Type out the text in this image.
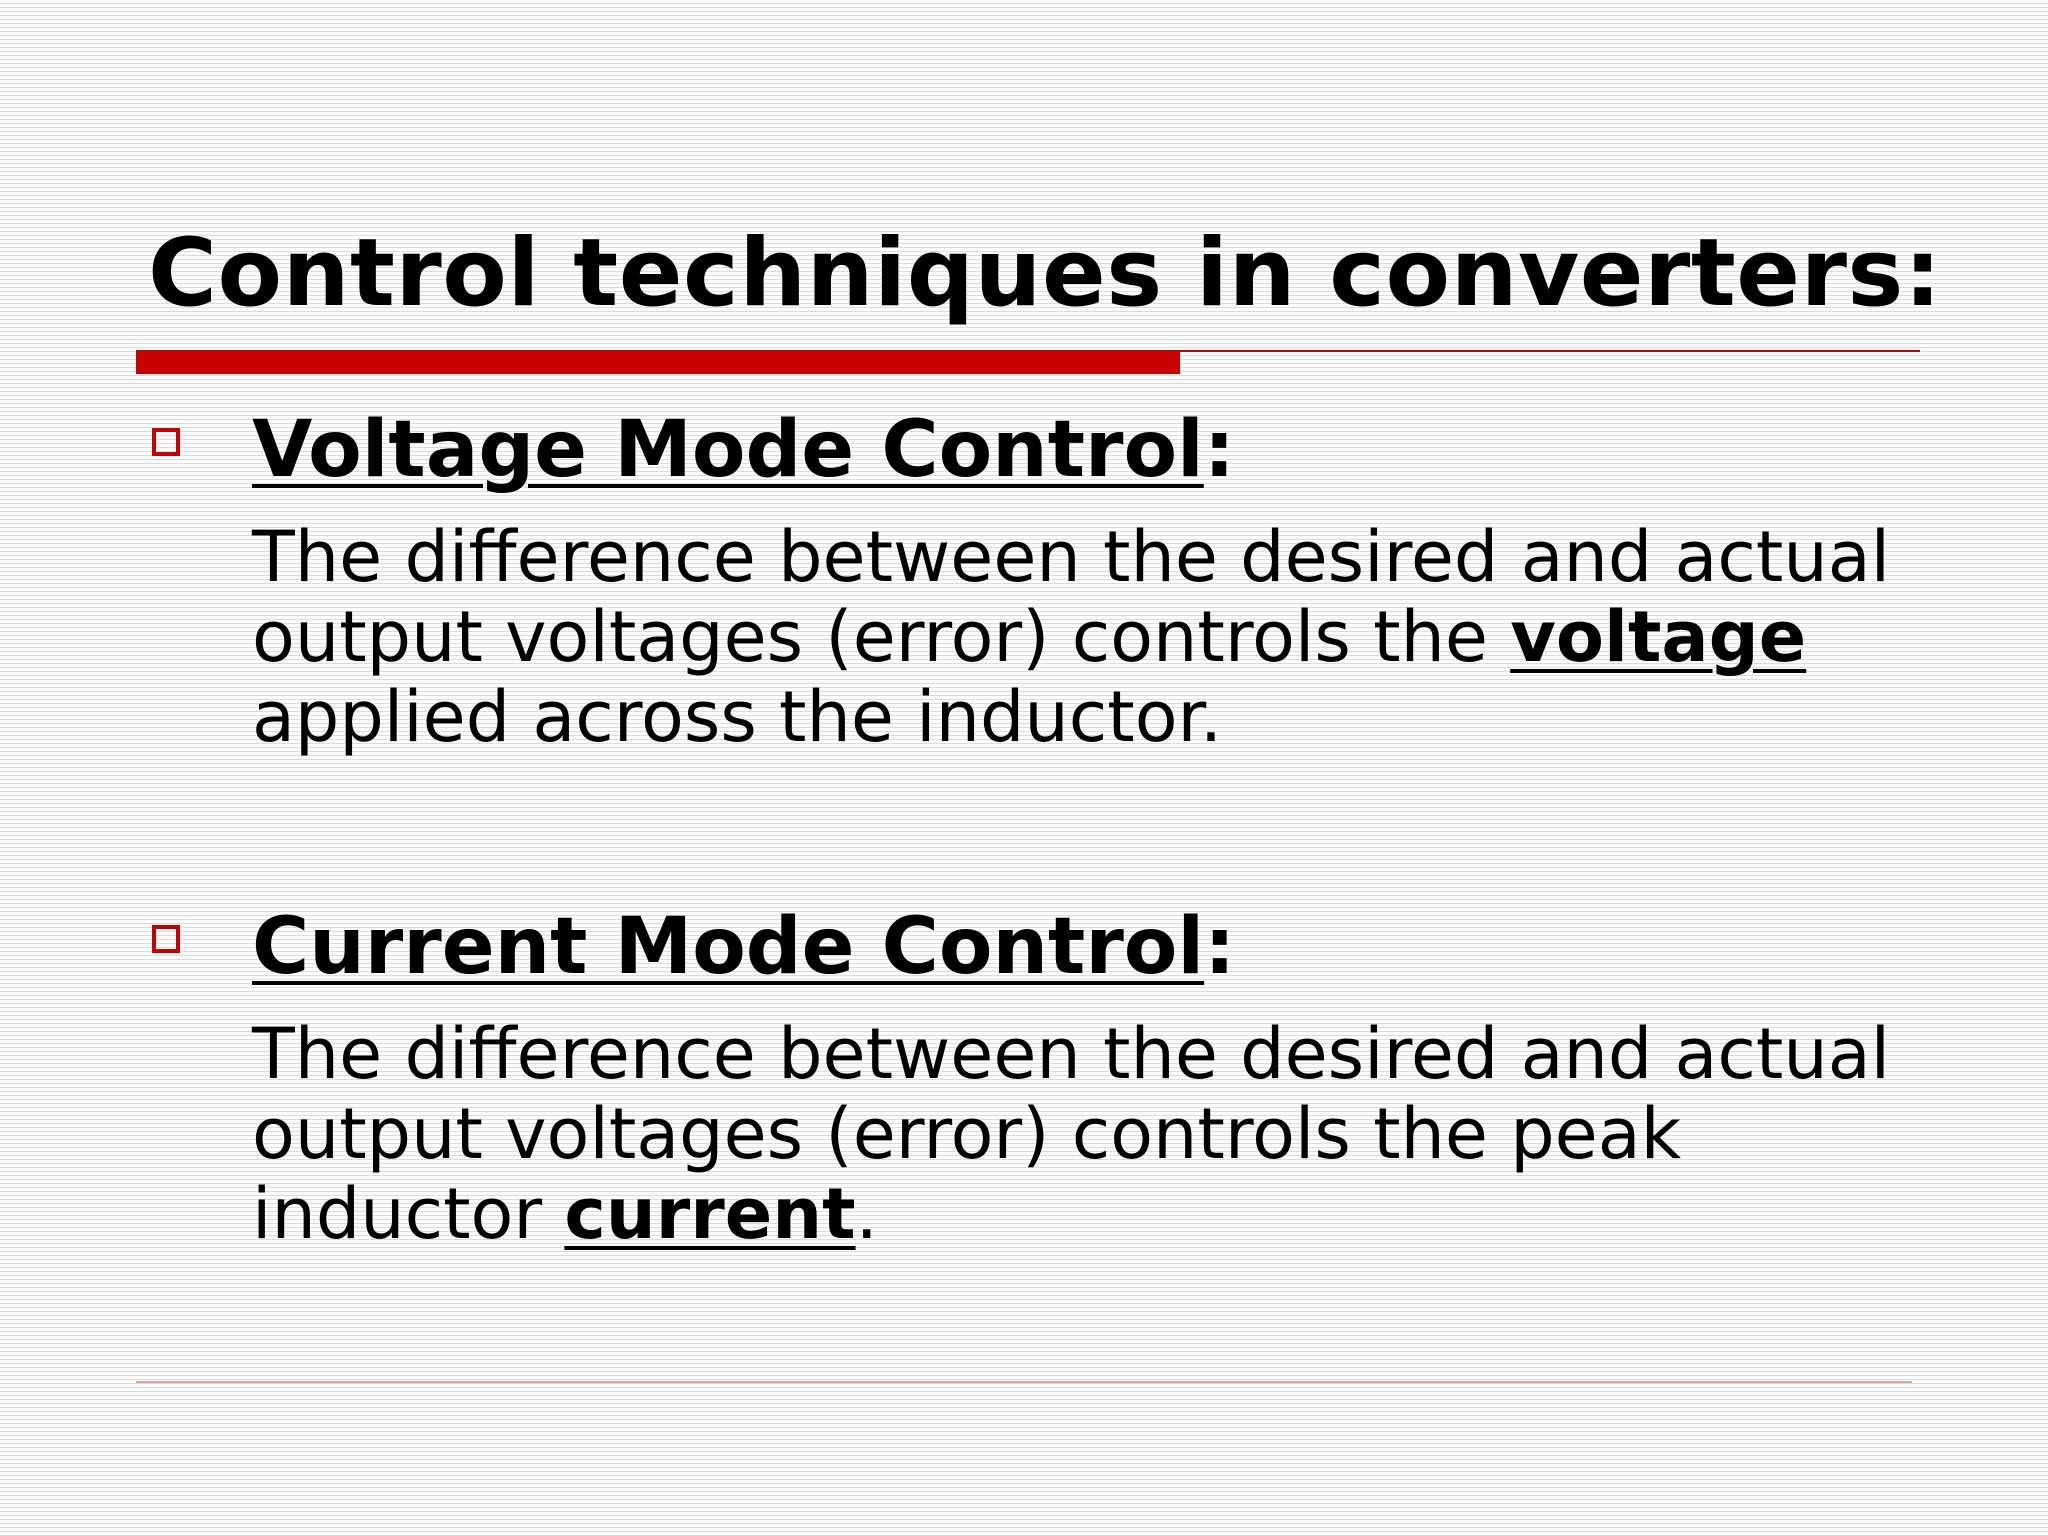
Control techniques in converters:

Voltage Mode Control:

The difference between the desired and actual
output voltages (error) controls the voltage
applied across the inductor.

Current Mode Control:

The difference between the desired and actual
output voltages (error) controls the peak
inductor current.
